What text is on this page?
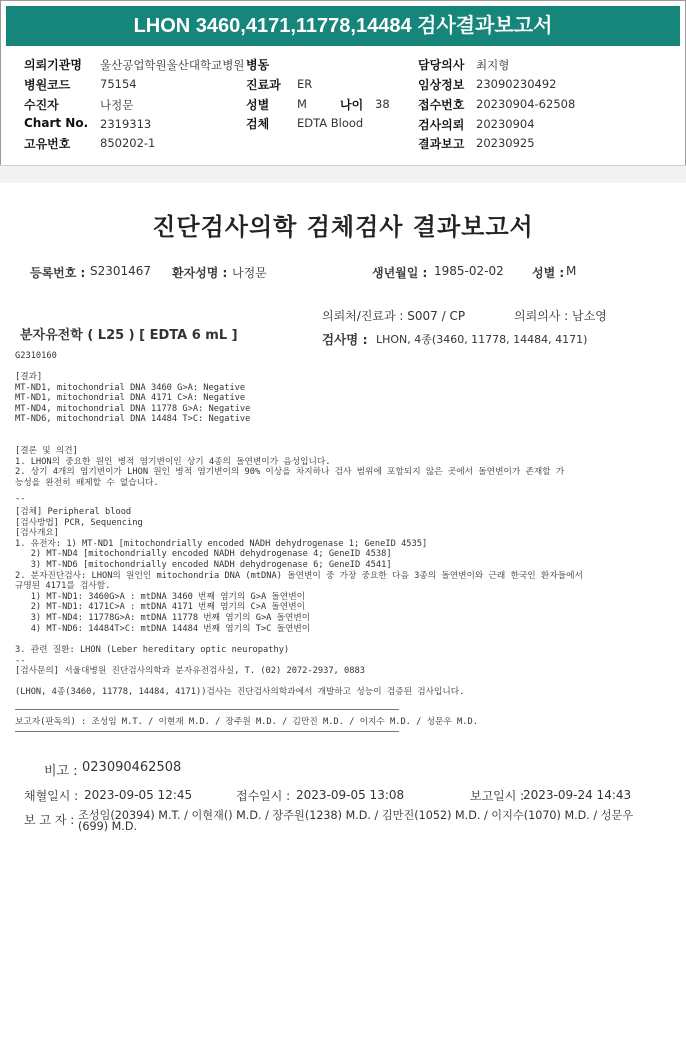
LHON 3460,4171,11778,14484 검사결과보고서
의뢰기관명 울산공업학원울산대학교병원 병동	담당의사 최지형
병원코드	75154	진료과 ER	임상정보 23090230492
수진자	나정문	성별 M	나이 38 접수번호 20230904-62508
Chart No. 2319313	검체 EDTA Blood	검사의뢰 20230904
고유번호	850202-1	결과보고 20230925
진단검사의학 검체검사 결과보고서
등록번호 : S2301467 환자성명 : 나정문	생년월일 : 1985-02-02 성별 : M
의뢰처/진료과 : S007 / CP	의뢰의사 : 남소영
분자유전학 ( L25 ) [ EDTA 6 mL ]	검사명 : LHON, 4종(3460, 11778, 14484, 4171)
G2310160
[결과]
MT-ND1, mitochondrial DNA 3460 G>A: Negative
MT-ND1, mitochondrial DNA 4171 C>A: Negative
MT-ND4, mitochondrial DNA 11778 G>A: Negative
MT-ND6, mitochondrial DNA 14484 T>C: Negative
[결론 및 의견]
1. LHON의 중요한 원인 병적 염기변이인 상기 4종의 돌연변이가 음성입니다.
2. 상기 4개의 염기변이가 LHON 원인 병적 염기변이의 90% 이상을 차지하나 검사 범위에 포함되지 않은 곳에서 돌연변이가 존재할 가
능성을 완전히 배제할 수 없습니다.
--
[검체] Peripheral blood
[검사방법] PCR, Sequencing
[검사개요]
1. 유전자: 1) MT-ND1 [mitochondrially encoded NADH dehydrogenase 1; GeneID 4535]
2) MT-ND4 [mitochondrially encoded NADH dehydrogenase 4; GeneID 4538]
3) MT-ND6 [mitochondrially encoded NADH dehydrogenase 6; GeneID 4541]
2. 분자진단검사: LHON의 원인인 mitochondria DNA (mtDNA) 돌연변이 중 가장 중요한 다음 3종의 돌연변이와 근래 한국인 환자들에서
규명된 4171를 검사함.
1) MT-ND1: 3460G>A : mtDNA 3460 번째 염기의 G>A 돌연변이
2) MT-ND1: 4171C>A : mtDNA 4171 번째 염기의 C>A 돌연변이
3) MT-ND4: 11778G>A: mtDNA 11778 번째 염기의 G>A 돌연변이
4) MT-ND6: 14484T>C: mtDNA 14484 번째 염기의 T>C 돌연변이
3. 관련 질환: LHON (Leber hereditary optic neuropathy)
--
[검사문의] 서울대병원 진단검사의학과 분자유전검사실, T. (02) 2072-2937, 0883
(LHON, 4종(3460, 11778, 14484, 4171))검사는 진단검사의학과에서 개발하고 성능이 검증된 검사입니다.
보고자(판독의) : 조성임 M.T. / 이현재 M.D. / 장주원 M.D. / 김만진 M.D. / 이지수 M.D. / 성문우 M.D.
비고 : 023090462508
채혈일시 : 2023-09-05 12:45	접수일시 : 2023-09-05 13:08	보고일시 :
2023-09-24 14:43
보 고 자 : 조성임(20394) M.T. / 이현재() M.D. / 장주원(1238) M.D. / 김만진(1052) M.D. / 이지수(1070) M.D. / 성문우
(699) M.D.
